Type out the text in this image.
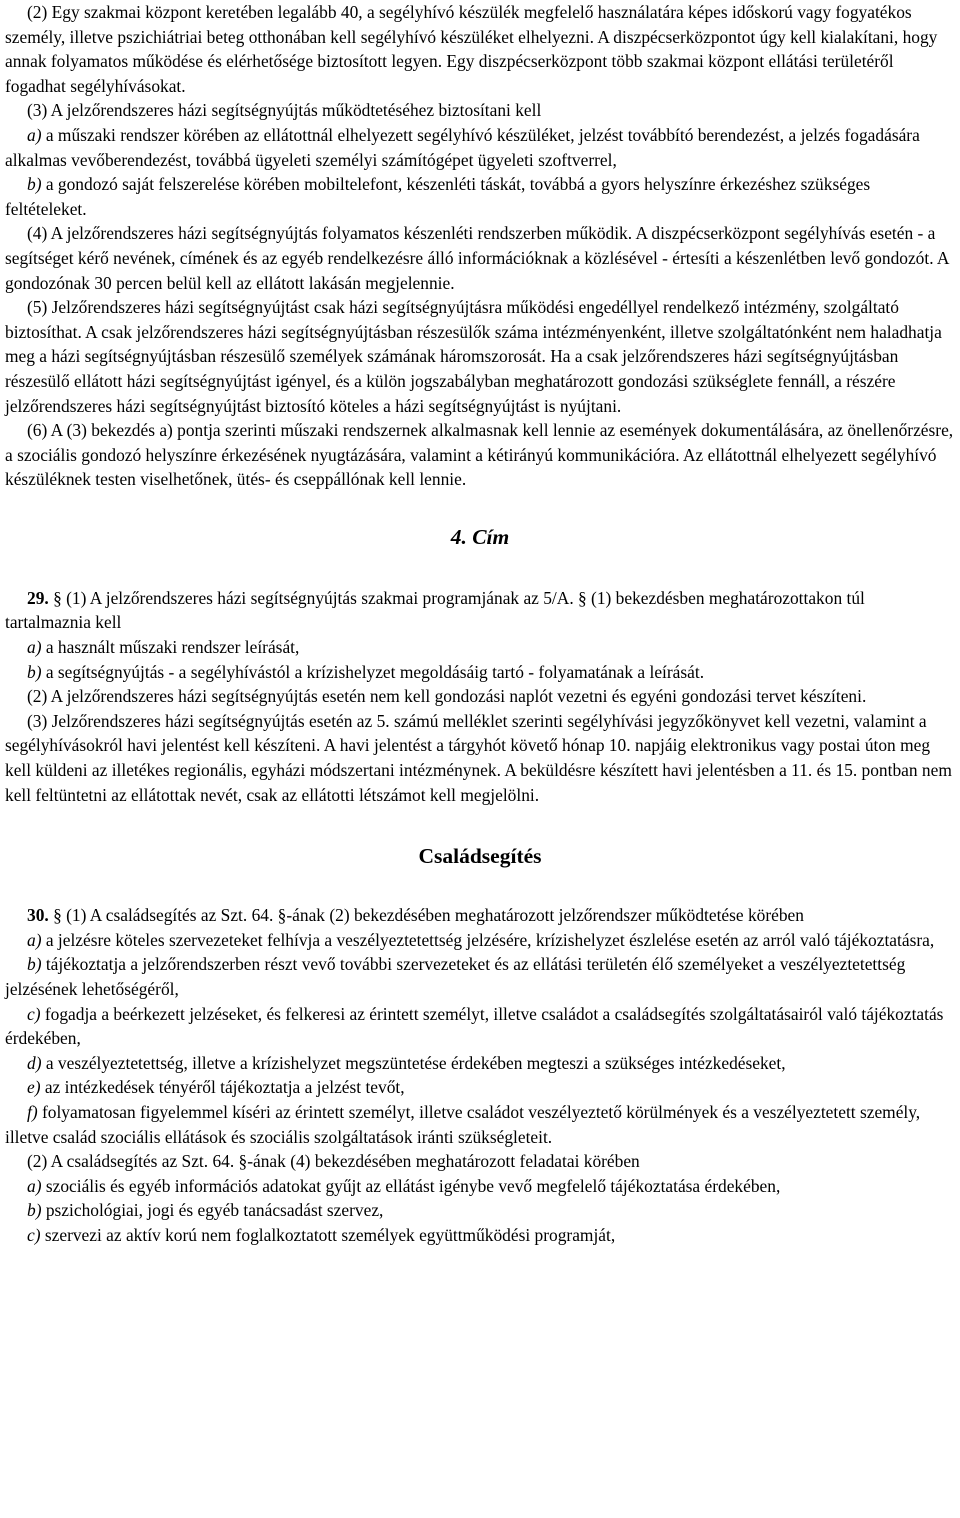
(2) Egy szakmai központ keretében legalább 40, a segélyhívó készülék megfelelő használatára képes időskorú vagy fogyatékos személy, illetve pszichiátriai beteg otthonában kell segélyhívó készüléket elhelyezni. A diszpécserközpontot úgy kell kialakítani, hogy annak folyamatos működése és elérhetősége biztosított legyen. Egy diszpécserközpont több szakmai központ ellátási területéről fogadhat segélyhívásokat.

(3) A jelzőrendszeres házi segítségnyújtás működtetéséhez biztosítani kell

a) a műszaki rendszer körében az ellátottnál elhelyezett segélyhívó készüléket, jelzést továbbító berendezést, a jelzés fogadására alkalmas vevőberendezést, továbbá ügyeleti személyi számítógépet ügyeleti szoftverrel,

b) a gondozó saját felszerelése körében mobiltelefont, készenléti táskát, továbbá a gyors helyszínre érkezéshez szükséges feltételeket.

(4) A jelzőrendszeres házi segítségnyújtás folyamatos készenléti rendszerben működik. A diszpécserközpont segélyhívás esetén - a segítséget kérő nevének, címének és az egyéb rendelkezésre álló információknak a közlésével - értesíti a készenlétben levő gondozót. A gondozónak 30 percen belül kell az ellátott lakásán megjelennie.

(5) Jelzőrendszeres házi segítségnyújtást csak házi segítségnyújtásra működési engedéllyel rendelkező intézmény, szolgáltató biztosíthat. A csak jelzőrendszeres házi segítségnyújtásban részesülők száma intézményenként, illetve szolgáltatónként nem haladhatja meg a házi segítségnyújtásban részesülő személyek számának háromszorosát. Ha a csak jelzőrendszeres házi segítségnyújtásban részesülő ellátott házi segítségnyújtást igényel, és a külön jogszabályban meghatározott gondozási szükséglete fennáll, a részére jelzőrendszeres házi segítségnyújtást biztosító köteles a házi segítségnyújtást is nyújtani.

(6) A (3) bekezdés a) pontja szerinti műszaki rendszernek alkalmasnak kell lennie az események dokumentálására, az önellenőrzésre, a szociális gondozó helyszínre érkezésének nyugtázására, valamint a kétirányú kommunikációra. Az ellátottnál elhelyezett segélyhívó készüléknek testen viselhetőnek, ütés- és cseppállónak kell lennie.

4. Cím

29. § (1) A jelzőrendszeres házi segítségnyújtás szakmai programjának az 5/A. § (1) bekezdésben meghatározottakon túl tartalmaznia kell

a) a használt műszaki rendszer leírását,

b) a segítségnyújtás - a segélyhívástól a krízishelyzet megoldásáig tartó - folyamatának a leírását.

(2) A jelzőrendszeres házi segítségnyújtás esetén nem kell gondozási naplót vezetni és egyéni gondozási tervet készíteni.

(3) Jelzőrendszeres házi segítségnyújtás esetén az 5. számú melléklet szerinti segélyhívási jegyzőkönyvet kell vezetni, valamint a segélyhívásokról havi jelentést kell készíteni. A havi jelentést a tárgyhót követő hónap 10. napjáig elektronikus vagy postai úton meg kell küldeni az illetékes regionális, egyházi módszertani intézménynek. A beküldésre készített havi jelentésben a 11. és 15. pontban nem kell feltüntetni az ellátottak nevét, csak az ellátotti létszámot kell megjelölni.

Családsegítés

30. § (1) A családsegítés az Szt. 64. §-ának (2) bekezdésében meghatározott jelzőrendszer működtetése körében

a) a jelzésre köteles szervezeteket felhívja a veszélyeztetettség jelzésére, krízishelyzet észlelése esetén az arról való tájékoztatásra,

b) tájékoztatja a jelzőrendszerben részt vevő további szervezeteket és az ellátási területén élő személyeket a veszélyeztetettség jelzésének lehetőségéről,

c) fogadja a beérkezett jelzéseket, és felkeresi az érintett személyt, illetve családot a családsegítés szolgáltatásairól való tájékoztatás érdekében,

d) a veszélyeztetettség, illetve a krízishelyzet megszüntetése érdekében megteszi a szükséges intézkedéseket,

e) az intézkedések tényéről tájékoztatja a jelzést tevőt,

f) folyamatosan figyelemmel kíséri az érintett személyt, illetve családot veszélyeztető körülmények és a veszélyeztetett személy, illetve család szociális ellátások és szociális szolgáltatások iránti szükségleteit.

(2) A családsegítés az Szt. 64. §-ának (4) bekezdésében meghatározott feladatai körében

a) szociális és egyéb információs adatokat gyűjt az ellátást igénybe vevő megfelelő tájékoztatása érdekében,

b) pszichológiai, jogi és egyéb tanácsadást szervez,

c) szervezi az aktív korú nem foglalkoztatott személyek együttműködési programját,
